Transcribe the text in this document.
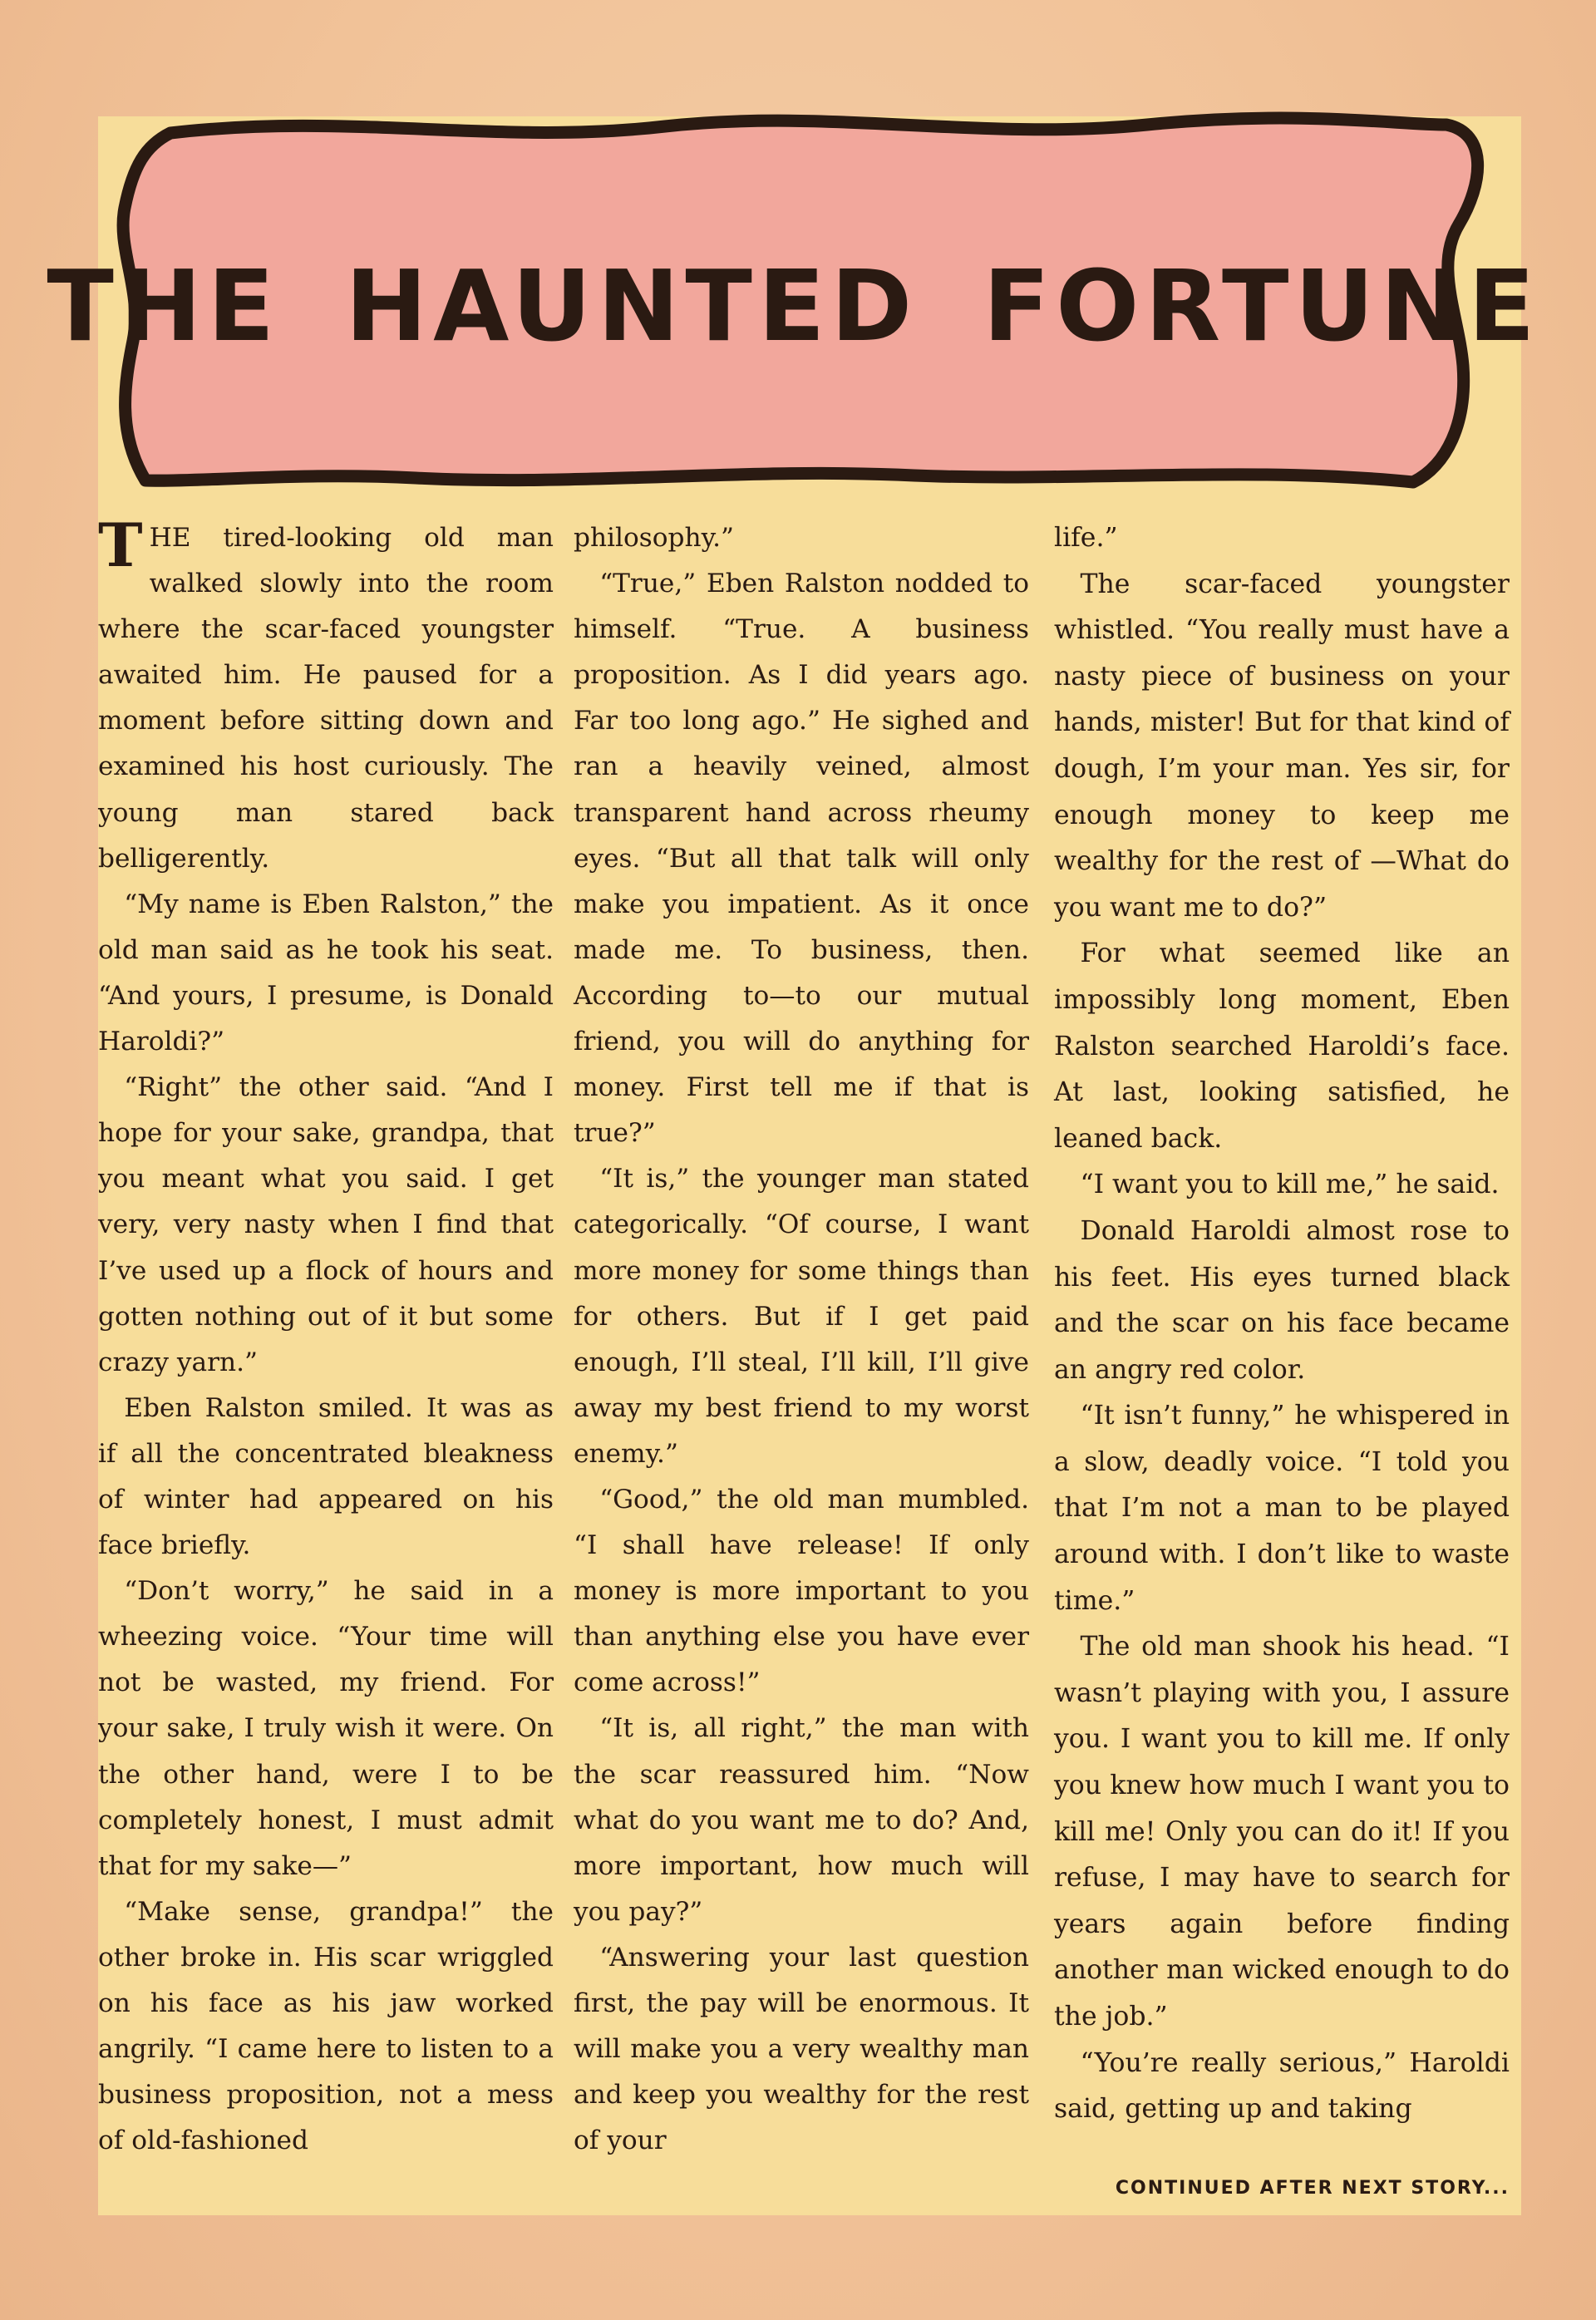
THE HAUNTED FORTUNE

THE tired-looking old man walked slowly into the room where the scar-faced youngster awaited him. He paused for a moment before sitting down and examined his host curiously. The young man stared back belligerently.

“My name is Eben Ralston,” the old man said as he took his seat. “And yours, I presume, is Donald Haroldi?”

“Right” the other said. “And I hope for your sake, grandpa, that you meant what you said. I get very, very nasty when I find that I’ve used up a flock of hours and gotten nothing out of it but some crazy yarn.”

Eben Ralston smiled. It was as if all the concentrated bleakness of winter had appeared on his face briefly.

“Don’t worry,” he said in a wheezing voice. “Your time will not be wasted, my friend. For your sake, I truly wish it were. On the other hand, were I to be completely honest, I must admit that for my sake—”

“Make sense, grandpa!” the other broke in. His scar wriggled on his face as his jaw worked angrily. “I came here to listen to a business proposition, not a mess of old-fashioned

philosophy.”

“True,” Eben Ralston nodded to himself. “True. A business proposition. As I did years ago. Far too long ago.” He sighed and ran a heavily veined, almost transparent hand across rheumy eyes. “But all that talk will only make you impatient. As it once made me. To business, then. According to—to our mutual friend, you will do anything for money. First tell me if that is true?”

“It is,” the younger man stated categorically. “Of course, I want more money for some things than for others. But if I get paid enough, I’ll steal, I’ll kill, I’ll give away my best friend to my worst enemy.”

“Good,” the old man mumbled. “I shall have release! If only money is more important to you than anything else you have ever come across!”

“It is, all right,” the man with the scar reassured him. “Now what do you want me to do? And, more important, how much will you pay?”

“Answering your last question first, the pay will be enormous. It will make you a very wealthy man and keep you wealthy for the rest of your

life.”

The scar-faced youngster whistled. “You really must have a nasty piece of business on your hands, mister! But for that kind of dough, I’m your man. Yes sir, for enough money to keep me wealthy for the rest of —What do you want me to do?”

For what seemed like an impossibly long moment, Eben Ralston searched Haroldi’s face. At last, looking satisfied, he leaned back.

“I want you to kill me,” he said.

Donald Haroldi almost rose to his feet. His eyes turned black and the scar on his face became an angry red color.

“It isn’t funny,” he whispered in a slow, deadly voice. “I told you that I’m not a man to be played around with. I don’t like to waste time.”

The old man shook his head. “I wasn’t playing with you, I assure you. I want you to kill me. If only you knew how much I want you to kill me! Only you can do it! If you refuse, I may have to search for years again before finding another man wicked enough to do the job.”

“You’re really serious,” Haroldi said, getting up and taking

CONTINUED AFTER NEXT STORY...
